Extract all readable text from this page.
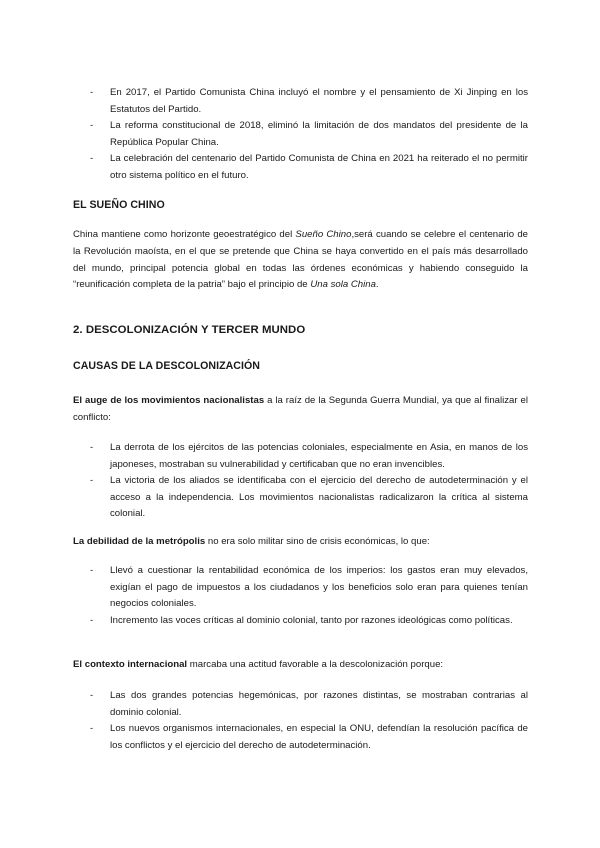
- En 2017, el Partido Comunista China incluyó el nombre y el pensamiento de Xi Jinping en los Estatutos del Partido.
- La reforma constitucional de 2018, eliminó la limitación de dos mandatos del presidente de la República Popular China.
- La celebración del centenario del Partido Comunista de China en 2021 ha reiterado el no permitir otro sistema político en el futuro.
EL SUEÑO CHINO

China mantiene como horizonte geoestratégico del Sueño Chino,será cuando se celebre el centenario de la Revolución maoísta, en el que se pretende que China se haya convertido en el país más desarrollado del mundo, principal potencia global en todas las órdenes económicas y habiendo conseguido la “reunificación completa de la patria” bajo el principio de Una sola China.

2. DESCOLONIZACIÓN Y TERCER MUNDO
CAUSAS DE LA DESCOLONIZACIÓN

El auge de los movimientos nacionalistas a la raíz de la Segunda Guerra Mundial, ya que al finalizar el conflicto:

- La derrota de los ejércitos de las potencias coloniales, especialmente en Asia, en manos de los japoneses, mostraban su vulnerabilidad y certificaban que no eran invencibles.
- La victoria de los aliados se identificaba con el ejercicio del derecho de autodeterminación y el acceso a la independencia. Los movimientos nacionalistas radicalizaron la crítica al sistema colonial.

La debilidad de la metrópolis no era solo militar sino de crisis económicas, lo que:

- Llevó a cuestionar la rentabilidad económica de los imperios: los gastos eran muy elevados, exigían el pago de impuestos a los ciudadanos y los beneficios solo eran para quienes tenían negocios coloniales.
- Incremento las voces críticas al dominio colonial, tanto por razones ideológicas como políticas.

El contexto internacional marcaba una actitud favorable a la descolonización porque:

- Las dos grandes potencias hegemónicas, por razones distintas, se mostraban contrarias al dominio colonial.
- Los nuevos organismos internacionales, en especial la ONU, defendían la resolución pacífica de los conflictos y el ejercicio del derecho de autodeterminación.
